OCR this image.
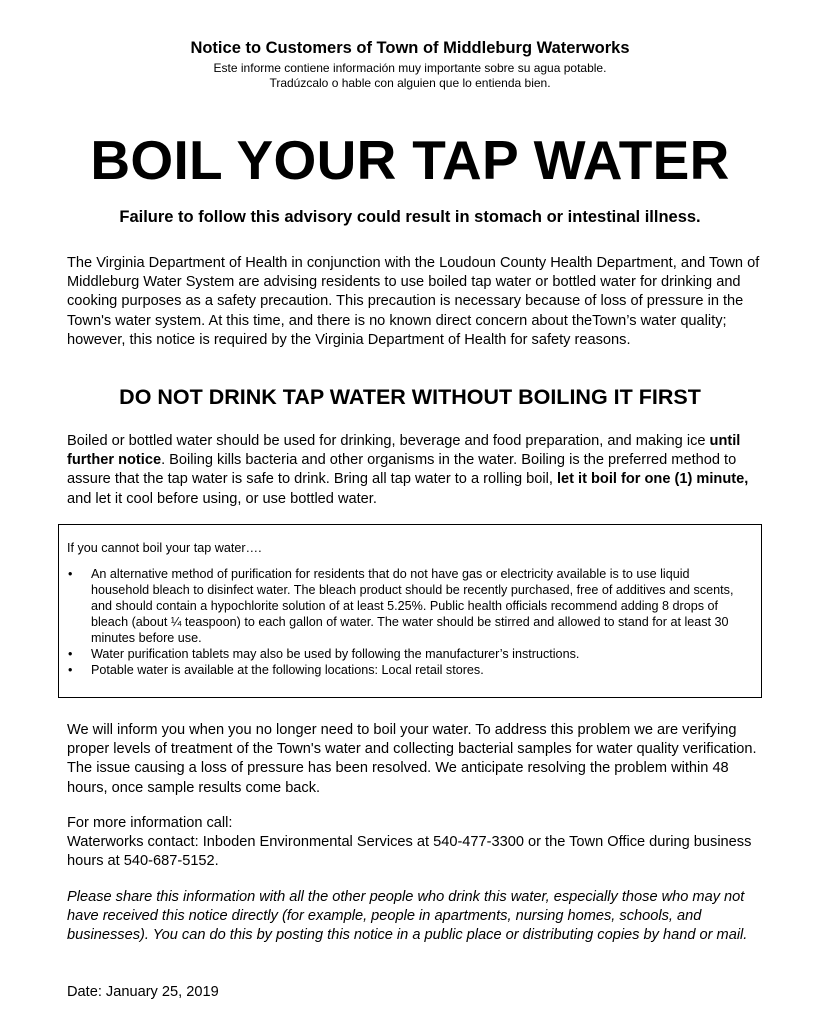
Notice to Customers of Town of Middleburg Waterworks
Este informe contiene información muy importante sobre su agua potable.
Tradúzcalo o hable con alguien que lo entienda bien.
BOIL YOUR TAP WATER
Failure to follow this advisory could result in stomach or intestinal illness.
The Virginia Department of Health in conjunction with the Loudoun County Health Department, and Town of Middleburg Water System are advising residents to use boiled tap water or bottled water for drinking and cooking purposes as a safety precaution. This precaution is necessary because of loss of pressure in the Town's water system. At this time, and there is no known direct concern about theTown’s water quality; however, this notice is required by the Virginia Department of Health for safety reasons.
DO NOT DRINK TAP WATER WITHOUT BOILING IT FIRST
Boiled or bottled water should be used for drinking, beverage and food preparation, and making ice until further notice. Boiling kills bacteria and other organisms in the water. Boiling is the preferred method to assure that the tap water is safe to drink. Bring all tap water to a rolling boil, let it boil for one (1) minute, and let it cool before using, or use bottled water.
If you cannot boil your tap water….
• An alternative method of purification for residents that do not have gas or electricity available is to use liquid household bleach to disinfect water. The bleach product should be recently purchased, free of additives and scents, and should contain a hypochlorite solution of at least 5.25%. Public health officials recommend adding 8 drops of bleach (about ¼ teaspoon) to each gallon of water. The water should be stirred and allowed to stand for at least 30 minutes before use.
• Water purification tablets may also be used by following the manufacturer’s instructions.
• Potable water is available at the following locations: Local retail stores.
We will inform you when you no longer need to boil your water. To address this problem we are verifying proper levels of treatment of the Town's water and collecting bacterial samples for water quality verification. The issue causing a loss of pressure has been resolved. We anticipate resolving the problem within 48 hours, once sample results come back.
For more information call:
Waterworks contact: Inboden Environmental Services at 540-477-3300 or the Town Office during business hours at 540-687-5152.
Please share this information with all the other people who drink this water, especially those who may not have received this notice directly (for example, people in apartments, nursing homes, schools, and businesses). You can do this by posting this notice in a public place or distributing copies by hand or mail.
Date: January 25, 2019
